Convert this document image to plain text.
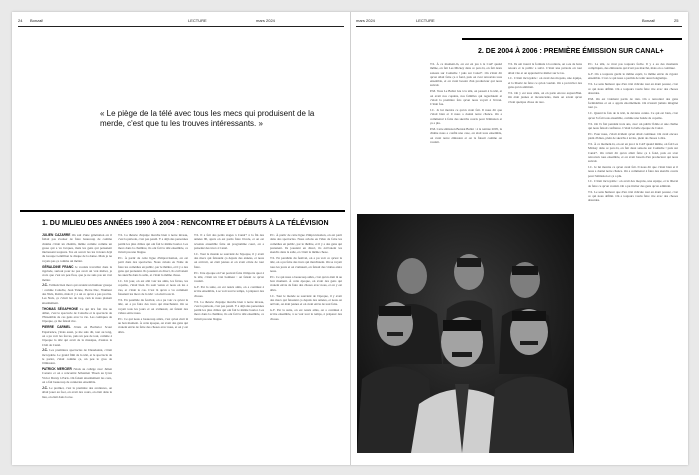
24 Bonzai!	LECTURE	mars 2024
« Le piège de la télé avec tous les mecs qui produisent de la merde, c'est que tu les trouves intéressants. »
1. DU MILIEU DES ANNÉES 1990 À 2004 : RENCONTRE ET DÉBUTS À LA TÉLÉVISION

JULIEN CAZARRE On sait d'une génération où il fallait pas évoluer de faire beaucoup de comme cinéma c'était un chemin, même comme comme un gosse qui a vu Jacques, mais les gens qui pensaient intéressant toujours. Tes en savoir les les travaux déjà du Groupe Lentillion le disque de la danse. Mais je ne voyais pas ça comme un métier.

GÉRALDINE FRANC Je voulais travailler dans la rigolade, surtout pour ne pas avoir un vrai métier, je crois que c'est un peu flou, que je ne suis pas un vrai métier.

J.C. J'aimais bien mecs qui avaient un humour groupe : comme Coluche, Jean Yanne, Pierre Dac, l'humeur des Nuls, Robin, mais il y a un ce qu'on a pas pu être. Les Nuls, ça c'était les de trop, rien le nous plaisait énormément.

THOMAS SÉGAPHONE Ce qui m'a fait rire au début, c'est le spectacle de Coluche et le spectacle de l'Ensemble de ces gens avec la vie. Les comiques de l'époque, ça me faisait rire.

PIERRE CARMEL J'étais en Bachelor Scout Expérience, j'étais aussi, je me suis dit, tout au long, on a pu voir les forces, puis un peu de tout, comme à l'époque la télé qui avait de la musique, d'autres le Club de Canal.

J.C. Les premières spectacles de Dieudonné, c'était incroyable. Le grand film de la télé, et le spectacle de le parler, c'était comme ça, un peu le gros de l'émission.

PATRICK MERCIER J'étais au collège avec Julien Cazarre et on a rencontré Sébastien Thoen au lycée Victor Duruy à Paris. On faisait énormément les cons, on a fait beaucoup de conneries ensemble.

J.C. Le premier, c'est la première des aventures, on allait jouer au foot, on avait des cours, on était dans le lieu, on était dans la rue.

T.S. La théorie d'équipe marche bien à notre niveau, c'est la période, c'est pas pareil. Y a déjà des personnes parmi les plus drôles qui ont fait le même boulot. Les mecs dans la chambre, ils ont fait la télé ensemble, ce n'était pas une blague.

P.C. À partir de cette ligue d'improvisation, on est parti dans des spectacles. Nous avions eu l'idée de faire les comédies en public, par le théâtre, et il y a des gens qui prenaient. Ils jouaient en direct, ils écrivaient les sketchs dans la salle, et c'était la même chose.

J.C. Un jour, on est allé voir les amis, les frères, les copains, c'était bien. Ils sont venus et nous on les a vus, et c'était le cas. C'est là qu'on a vu comment faisaient les mecs de la télé : on était tous là.

T.S. En parallèle du festival, on a pu voir ce qu'est la télé, on a pu faire des trucs qui marchaient. On se voyait tous les jours et on s'amusait, on faisait des vidéos entre nous.

P.C. Ce qui nous a beaucoup aidés, c'est qu'on était là au bon moment. À cette époque, on avait des gens qui avaient envie de faire des choses avec nous, et on y est allés.

T.S. Il a fait des petits stages à Canal+ à la fin des années 90, après on est partis faire l'école, et on est revenus ensemble faire un programme court, on a présenté des trucs à Canal.

J.C. Tout le monde se souvient de l'époque, il y avait des mecs qui faisaient ça depuis des années, et nous on arrivait, on était jeunes et on avait envie de tout faire.

P.C. Une époque où l'on pouvait faire n'importe quoi à la télé, c'était un vrai bonheur : on faisait ce qu'on voulait.

G.F. Par la suite, on est restés amis, on a continué à écrire ensemble, à se voir tout le temps, à préparer des choses.

T.S. La théorie d'équipe marche bien à notre niveau, c'est la période, c'est pas pareil. Y a déjà des personnes parmi les plus drôles qui ont fait le même boulot. Les mecs dans la chambre, ils ont fait la télé ensemble, ce n'était pas une blague.

P.C. À partir de cette ligue d'improvisation, on est parti dans des spectacles. Nous avions eu l'idée de faire les comédies en public, par le théâtre, et il y a des gens qui prenaient. Ils jouaient en direct, ils écrivaient les sketchs dans la salle, et c'était la même chose.

T.S. En parallèle du festival, on a pu voir ce qu'est la télé, on a pu faire des trucs qui marchaient. On se voyait tous les jours et on s'amusait, on faisait des vidéos entre nous.

P.C. Ce qui nous a beaucoup aidés, c'est qu'on était là au bon moment. À cette époque, on avait des gens qui avaient envie de faire des choses avec nous, et on y est allés.

J.C. Tout le monde se souvient de l'époque, il y avait des mecs qui faisaient ça depuis des années, et nous on arrivait, on était jeunes et on avait envie de tout faire.

G.F. Par la suite, on est restés amis, on a continué à écrire ensemble, à se voir tout le temps, à préparer des choses.

mars 2024	LECTURE	Bonzai!	25
2. DE 2004 À 2006 : PREMIÈRE ÉMISSION SUR CANAL+

T.S. À ce moment-là, on est en jeu à la CAP quand même, on fait Les Mickey dans ce parc-là, on fait deux saisons sur Comédie ! puis sur Canal+. On s'était dit qu'on allait faire ça à fond, puis on s'est retrouvés tous ensemble, et on avait besoin d'un producteur qui nous suivait.

P.M. Vous Le Ballot Jeu à la télé, on passait à la télé, et on avait nos copains, nos familles qui regardaient et c'était la première fois qu'on nous voyait à l'écran. C'était fou.

J.C. Je lui montre ce qu'on avait fait. Il nous dit que c'était bien et il nous a donné notre chance. On a commencé à faire des sketchs courts pour l'émission et ça a plu.

P.M. Cette émission Bonzai Ballot : à la rentrée 2005, la chaîne nous a confié une case, on était tous ensemble, on avait notre émission et on la faisait comme on voulait.

T.S. Ils ont trouvé la formule à la rentrée, on a eu de bons retours et le public a suivi. C'était une période où tout allait vite et on apprenait le métier sur le tas.

J.C. C'était incroyable : on avait des moyens, une équipe, et la liberté de faire ce qu'on voulait. On a pu inviter des gens qu'on admirait.

T.S. On y est tous allés, on en parle encore aujourd'hui. On était jeunes et inconscients, mais on savait qu'on vivait quelque chose de rare.

P.C. La télé, ce n'est pas toujours facile. Il y a eu des moments compliqués, des émissions qui n'ont pas marché, mais on a continué.

G.F. On a toujours gardé le même esprit, la même envie de rigoler ensemble. C'est ce qui nous a permis de tenir aussi longtemps.

T.S. Le sens humour que d'un côté ridicule tout en étant poussé, c'est ce qui nous définit. On a toujours voulu faire rire avec des choses absurdes.

P.M. On est vraiment partis de rien. On a rencontré des gens formidables et on a appris énormément. On n'aurait jamais imaginé tout ça.

J.C. Quand tu fais de la télé, tu deviens connu. Ce qui est bien, c'est qu'on l'a fait tous ensemble, comme une bande de copains.

T.S. On l'a fait pendant trois ans, avec un public fidèle et une chaîne qui nous faisait confiance. C'était la belle époque de Canal.

P.C. Pour nous, c'était évident qu'on allait continuer. On avait encore plein d'idées, plein de sketchs à écrire, plein de choses à dire.

T.S. À ce moment-là, on est en jeu à la CAP quand même, on fait Les Mickey dans ce parc-là, on fait deux saisons sur Comédie ! puis sur Canal+. On s'était dit qu'on allait faire ça à fond, puis on s'est retrouvés tous ensemble, et on avait besoin d'un producteur qui nous suivait.

J.C. Je lui montre ce qu'on avait fait. Il nous dit que c'était bien et il nous a donné notre chance. On a commencé à faire des sketchs courts pour l'émission et ça a plu.

J.C. C'était incroyable : on avait des moyens, une équipe, et la liberté de faire ce qu'on voulait. On a pu inviter des gens qu'on admirait.

T.S. Le sens humour que d'un côté ridicule tout en étant poussé, c'est ce qui nous définit. On a toujours voulu faire rire avec des choses absurdes.
